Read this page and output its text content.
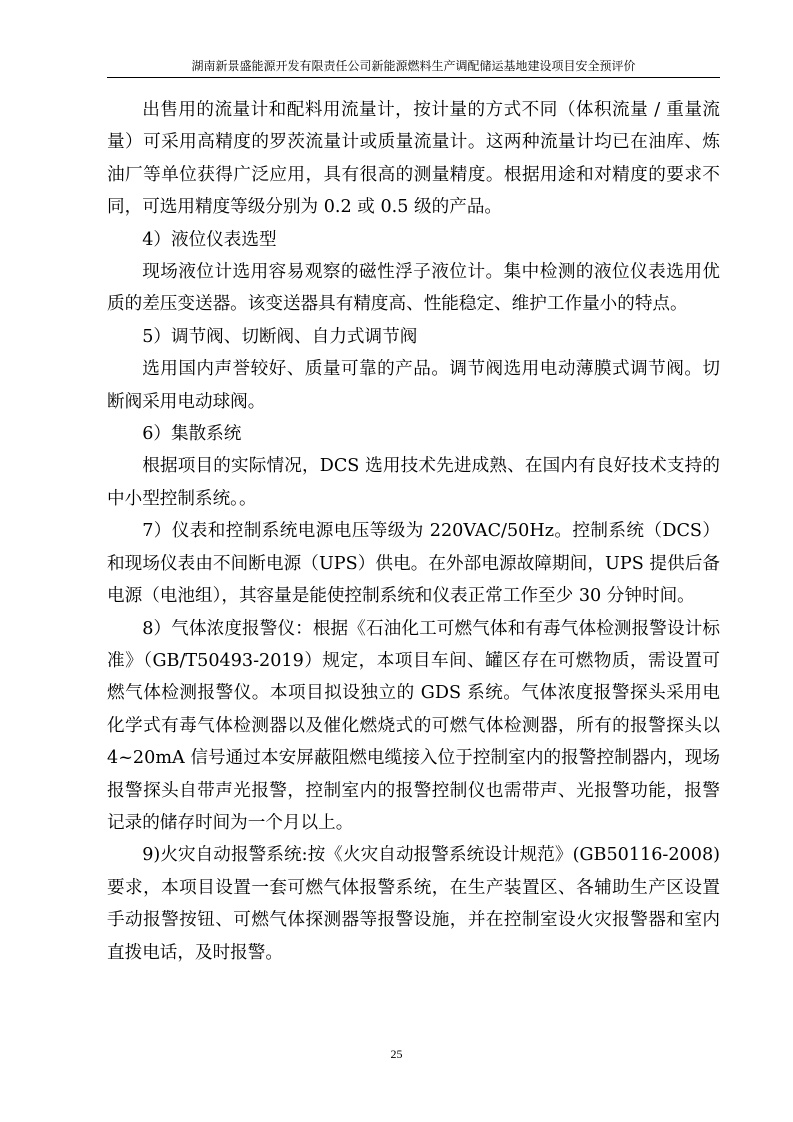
湖南新景盛能源开发有限责任公司新能源燃料生产调配储运基地建设项目安全预评价

出售用的流量计和配料用流量计，按计量的方式不同（体积流量 / 重量流量）可采用高精度的罗茨流量计或质量流量计。这两种流量计均已在油库、炼油厂等单位获得广泛应用，具有很高的测量精度。根据用途和对精度的要求不同，可选用精度等级分别为 0.2 或 0.5 级的产品。

4）液位仪表选型

现场液位计选用容易观察的磁性浮子液位计。集中检测的液位仪表选用优质的差压变送器。该变送器具有精度高、性能稳定、维护工作量小的特点。

5）调节阀、切断阀、自力式调节阀

选用国内声誉较好、质量可靠的产品。调节阀选用电动薄膜式调节阀。切断阀采用电动球阀。

6）集散系统

根据项目的实际情况，DCS 选用技术先进成熟、在国内有良好技术支持的中小型控制系统。。

7）仪表和控制系统电源电压等级为 220VAC/50Hz。控制系统（DCS）和现场仪表由不间断电源（UPS）供电。在外部电源故障期间，UPS 提供后备电源（电池组），其容量是能使控制系统和仪表正常工作至少 30 分钟时间。

8）气体浓度报警仪：根据《石油化工可燃气体和有毒气体检测报警设计标准》（GB/T50493-2019）规定，本项目车间、罐区存在可燃物质，需设置可燃气体检测报警仪。本项目拟设独立的 GDS 系统。气体浓度报警探头采用电化学式有毒气体检测器以及催化燃烧式的可燃气体检测器，所有的报警探头以 4~20mA 信号通过本安屏蔽阻燃电缆接入位于控制室内的报警控制器内，现场报警探头自带声光报警，控制室内的报警控制仪也需带声、光报警功能，报警记录的储存时间为一个月以上。

9)火灾自动报警系统:按《火灾自动报警系统设计规范》(GB50116-2008)要求，本项目设置一套可燃气体报警系统，在生产装置区、各辅助生产区设置手动报警按钮、可燃气体探测器等报警设施，并在控制室设火灾报警器和室内直拨电话，及时报警。

25
